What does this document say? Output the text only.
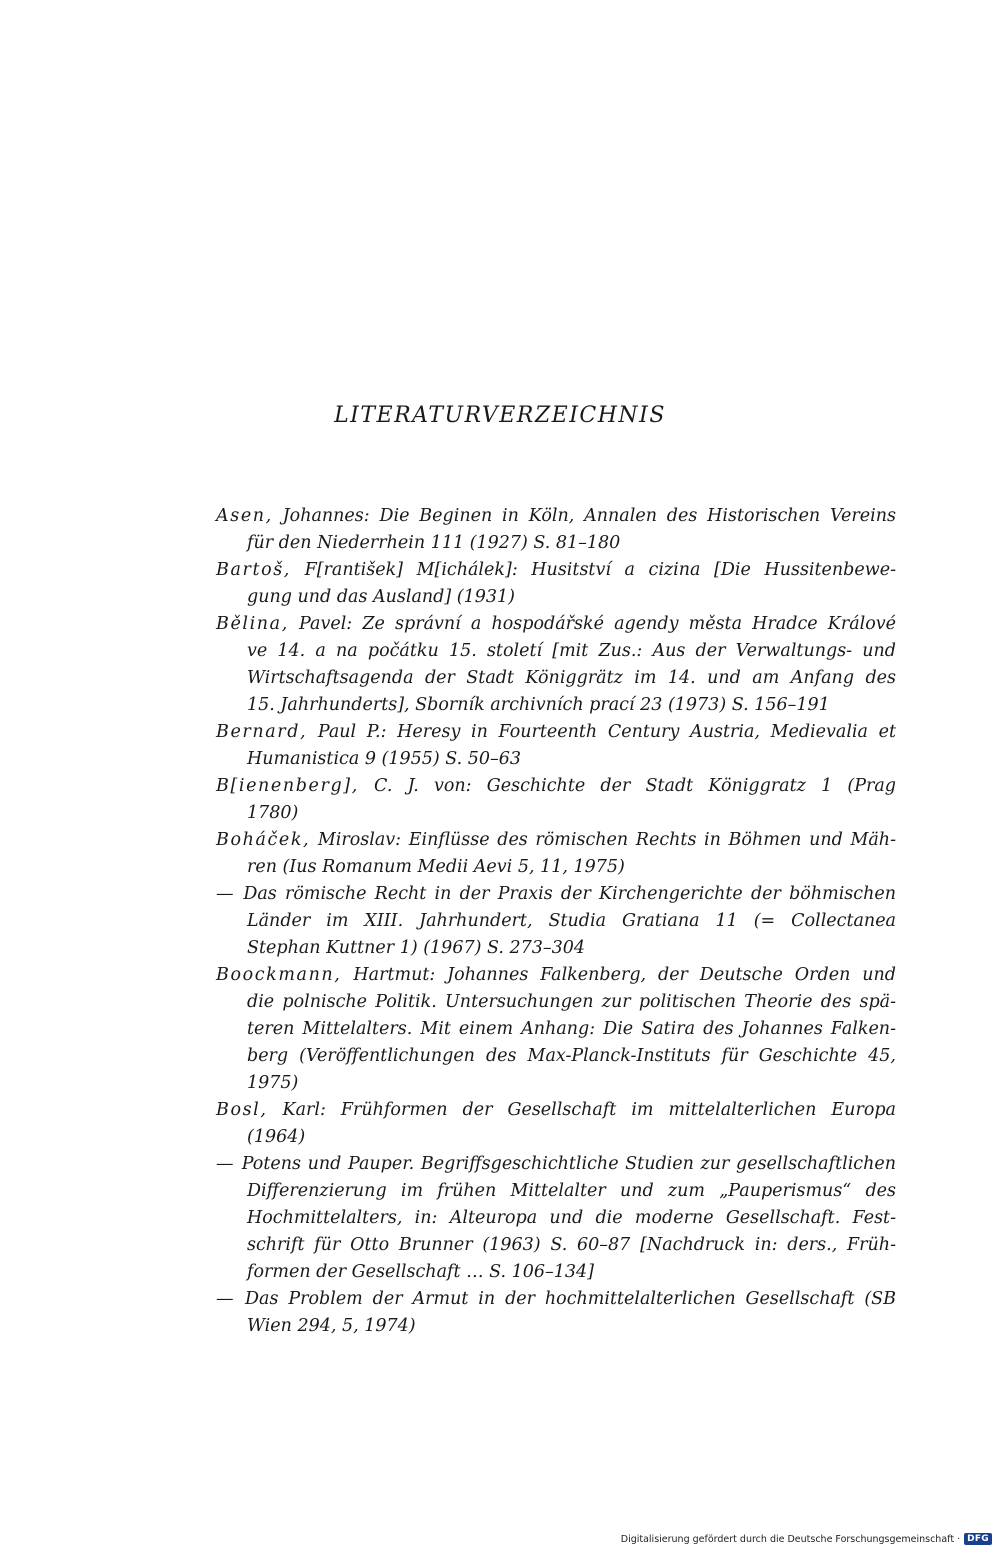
LITERATURVERZEICHNIS
Asen, Johannes: Die Beginen in Köln, Annalen des Historischen Vereins
für den Niederrhein 111 (1927) S. 81–180
Bartoš, F[rantišek] M[ichálek]: Husitství a cizina [Die Hussitenbewe-
gung und das Ausland] (1931)
Bělina, Pavel: Ze správní a hospodářské agendy města Hradce Králové
ve 14. a na počátku 15. století [mit Zus.: Aus der Verwaltungs- und
Wirtschaftsagenda der Stadt Königgrätz im 14. und am Anfang des
15. Jahrhunderts], Sborník archivních prací 23 (1973) S. 156–191
Bernard, Paul P.: Heresy in Fourteenth Century Austria, Medievalia et
Humanistica 9 (1955) S. 50–63
B[ienenberg], C. J. von: Geschichte der Stadt Königgratz 1 (Prag
1780)
Boháček, Miroslav: Einflüsse des römischen Rechts in Böhmen und Mäh-
ren (Ius Romanum Medii Aevi 5, 11, 1975)
— Das römische Recht in der Praxis der Kirchengerichte der böhmischen
Länder im XIII. Jahrhundert, Studia Gratiana 11 (= Collectanea
Stephan Kuttner 1) (1967) S. 273–304
Boockmann, Hartmut: Johannes Falkenberg, der Deutsche Orden und
die polnische Politik. Untersuchungen zur politischen Theorie des spä-
teren Mittelalters. Mit einem Anhang: Die Satira des Johannes Falken-
berg (Veröffentlichungen des Max-Planck-Instituts für Geschichte 45,
1975)
Bosl, Karl: Frühformen der Gesellschaft im mittelalterlichen Europa
(1964)
— Potens und Pauper. Begriffsgeschichtliche Studien zur gesellschaftlichen
Differenzierung im frühen Mittelalter und zum „Pauperismus“ des
Hochmittelalters, in: Alteuropa und die moderne Gesellschaft. Fest-
schrift für Otto Brunner (1963) S. 60–87 [Nachdruck in: ders., Früh-
formen der Gesellschaft … S. 106–134]
— Das Problem der Armut in der hochmittelalterlichen Gesellschaft (SB
Wien 294, 5, 1974)
Digitalisierung gefördert durch die Deutsche Forschungsgemeinschaft · DFG
